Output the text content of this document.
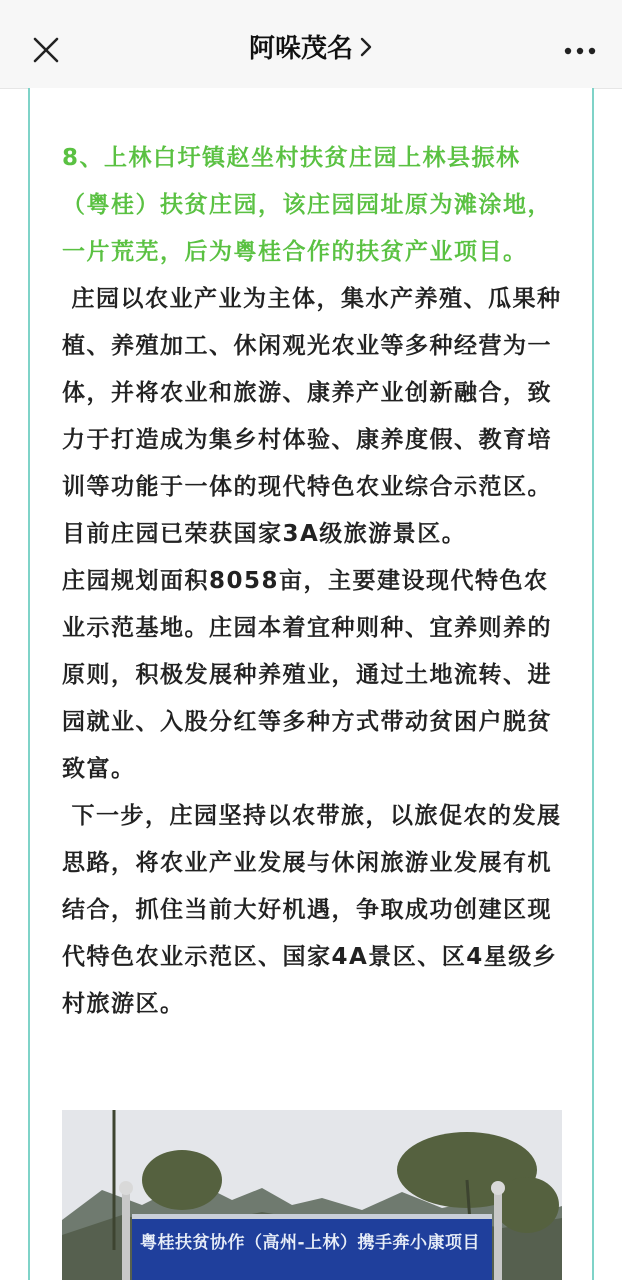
阿哚茂名

8、上林白圩镇赵坐村扶贫庄园上林县振林（粤桂）扶贫庄园，该庄园园址原为滩涂地，一片荒芜，后为粤桂合作的扶贫产业项目。

庄园以农业产业为主体，集水产养殖、瓜果种植、养殖加工、休闲观光农业等多种经营为一体，并将农业和旅游、康养产业创新融合，致力于打造成为集乡村体验、康养度假、教育培训等功能于一体的现代特色农业综合示范区。目前庄园已荣获国家3A级旅游景区。

庄园规划面积8058亩，主要建设现代特色农业示范基地。庄园本着宜种则种、宜养则养的原则，积极发展种养殖业，通过土地流转、进园就业、入股分红等多种方式带动贫困户脱贫致富。

下一步，庄园坚持以农带旅，以旅促农的发展思路，将农业产业发展与休闲旅游业发展有机结合，抓住当前大好机遇，争取成功创建区现代特色农业示范区、国家4A景区、区4星级乡村旅游区。

粤桂扶贫协作（高州-上林）携手奔小康项目
